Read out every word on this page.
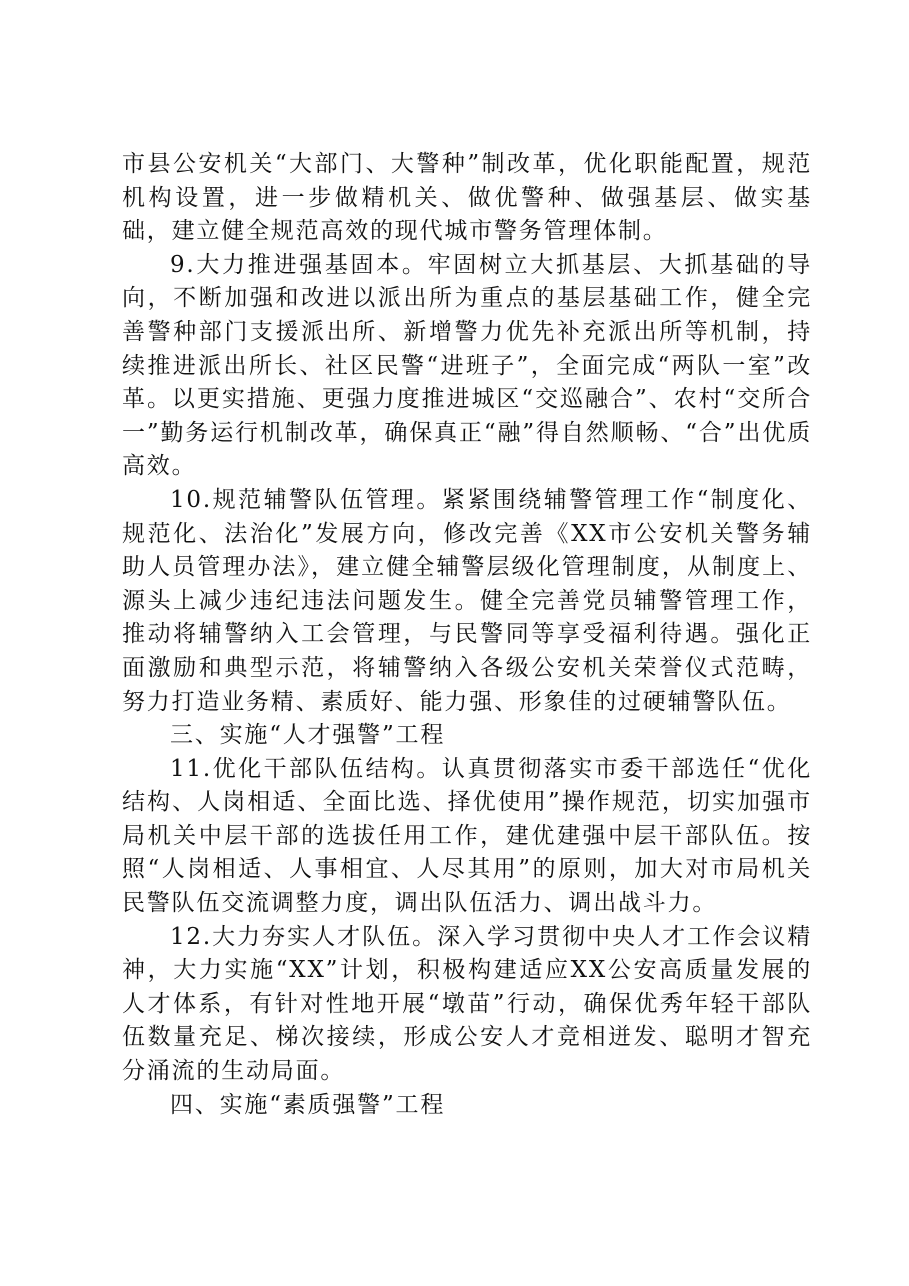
市县公安机关“大部门、大警种”制改革，优化职能配置，规范机构设置，进一步做精机关、做优警种、做强基层、做实基础，建立健全规范高效的现代城市警务管理体制。

9.大力推进强基固本。牢固树立大抓基层、大抓基础的导向，不断加强和改进以派出所为重点的基层基础工作，健全完善警种部门支援派出所、新增警力优先补充派出所等机制，持续推进派出所长、社区民警“进班子”，全面完成“两队一室”改革。以更实措施、更强力度推进城区“交巡融合”、农村“交所合一”勤务运行机制改革，确保真正“融”得自然顺畅、“合”出优质高效。

10.规范辅警队伍管理。紧紧围绕辅警管理工作“制度化、规范化、法治化”发展方向，修改完善《XX市公安机关警务辅助人员管理办法》，建立健全辅警层级化管理制度，从制度上、源头上减少违纪违法问题发生。健全完善党员辅警管理工作，推动将辅警纳入工会管理，与民警同等享受福利待遇。强化正面激励和典型示范，将辅警纳入各级公安机关荣誉仪式范畴，努力打造业务精、素质好、能力强、形象佳的过硬辅警队伍。

三、实施“人才强警”工程

11.优化干部队伍结构。认真贯彻落实市委干部选任“优化结构、人岗相适、全面比选、择优使用”操作规范，切实加强市局机关中层干部的选拔任用工作，建优建强中层干部队伍。按照“人岗相适、人事相宜、人尽其用”的原则，加大对市局机关民警队伍交流调整力度，调出队伍活力、调出战斗力。

12.大力夯实人才队伍。深入学习贯彻中央人才工作会议精神，大力实施“XX”计划，积极构建适应XX公安高质量发展的人才体系，有针对性地开展“墩苗”行动，确保优秀年轻干部队伍数量充足、梯次接续，形成公安人才竞相迸发、聪明才智充分涌流的生动局面。

四、实施“素质强警”工程
